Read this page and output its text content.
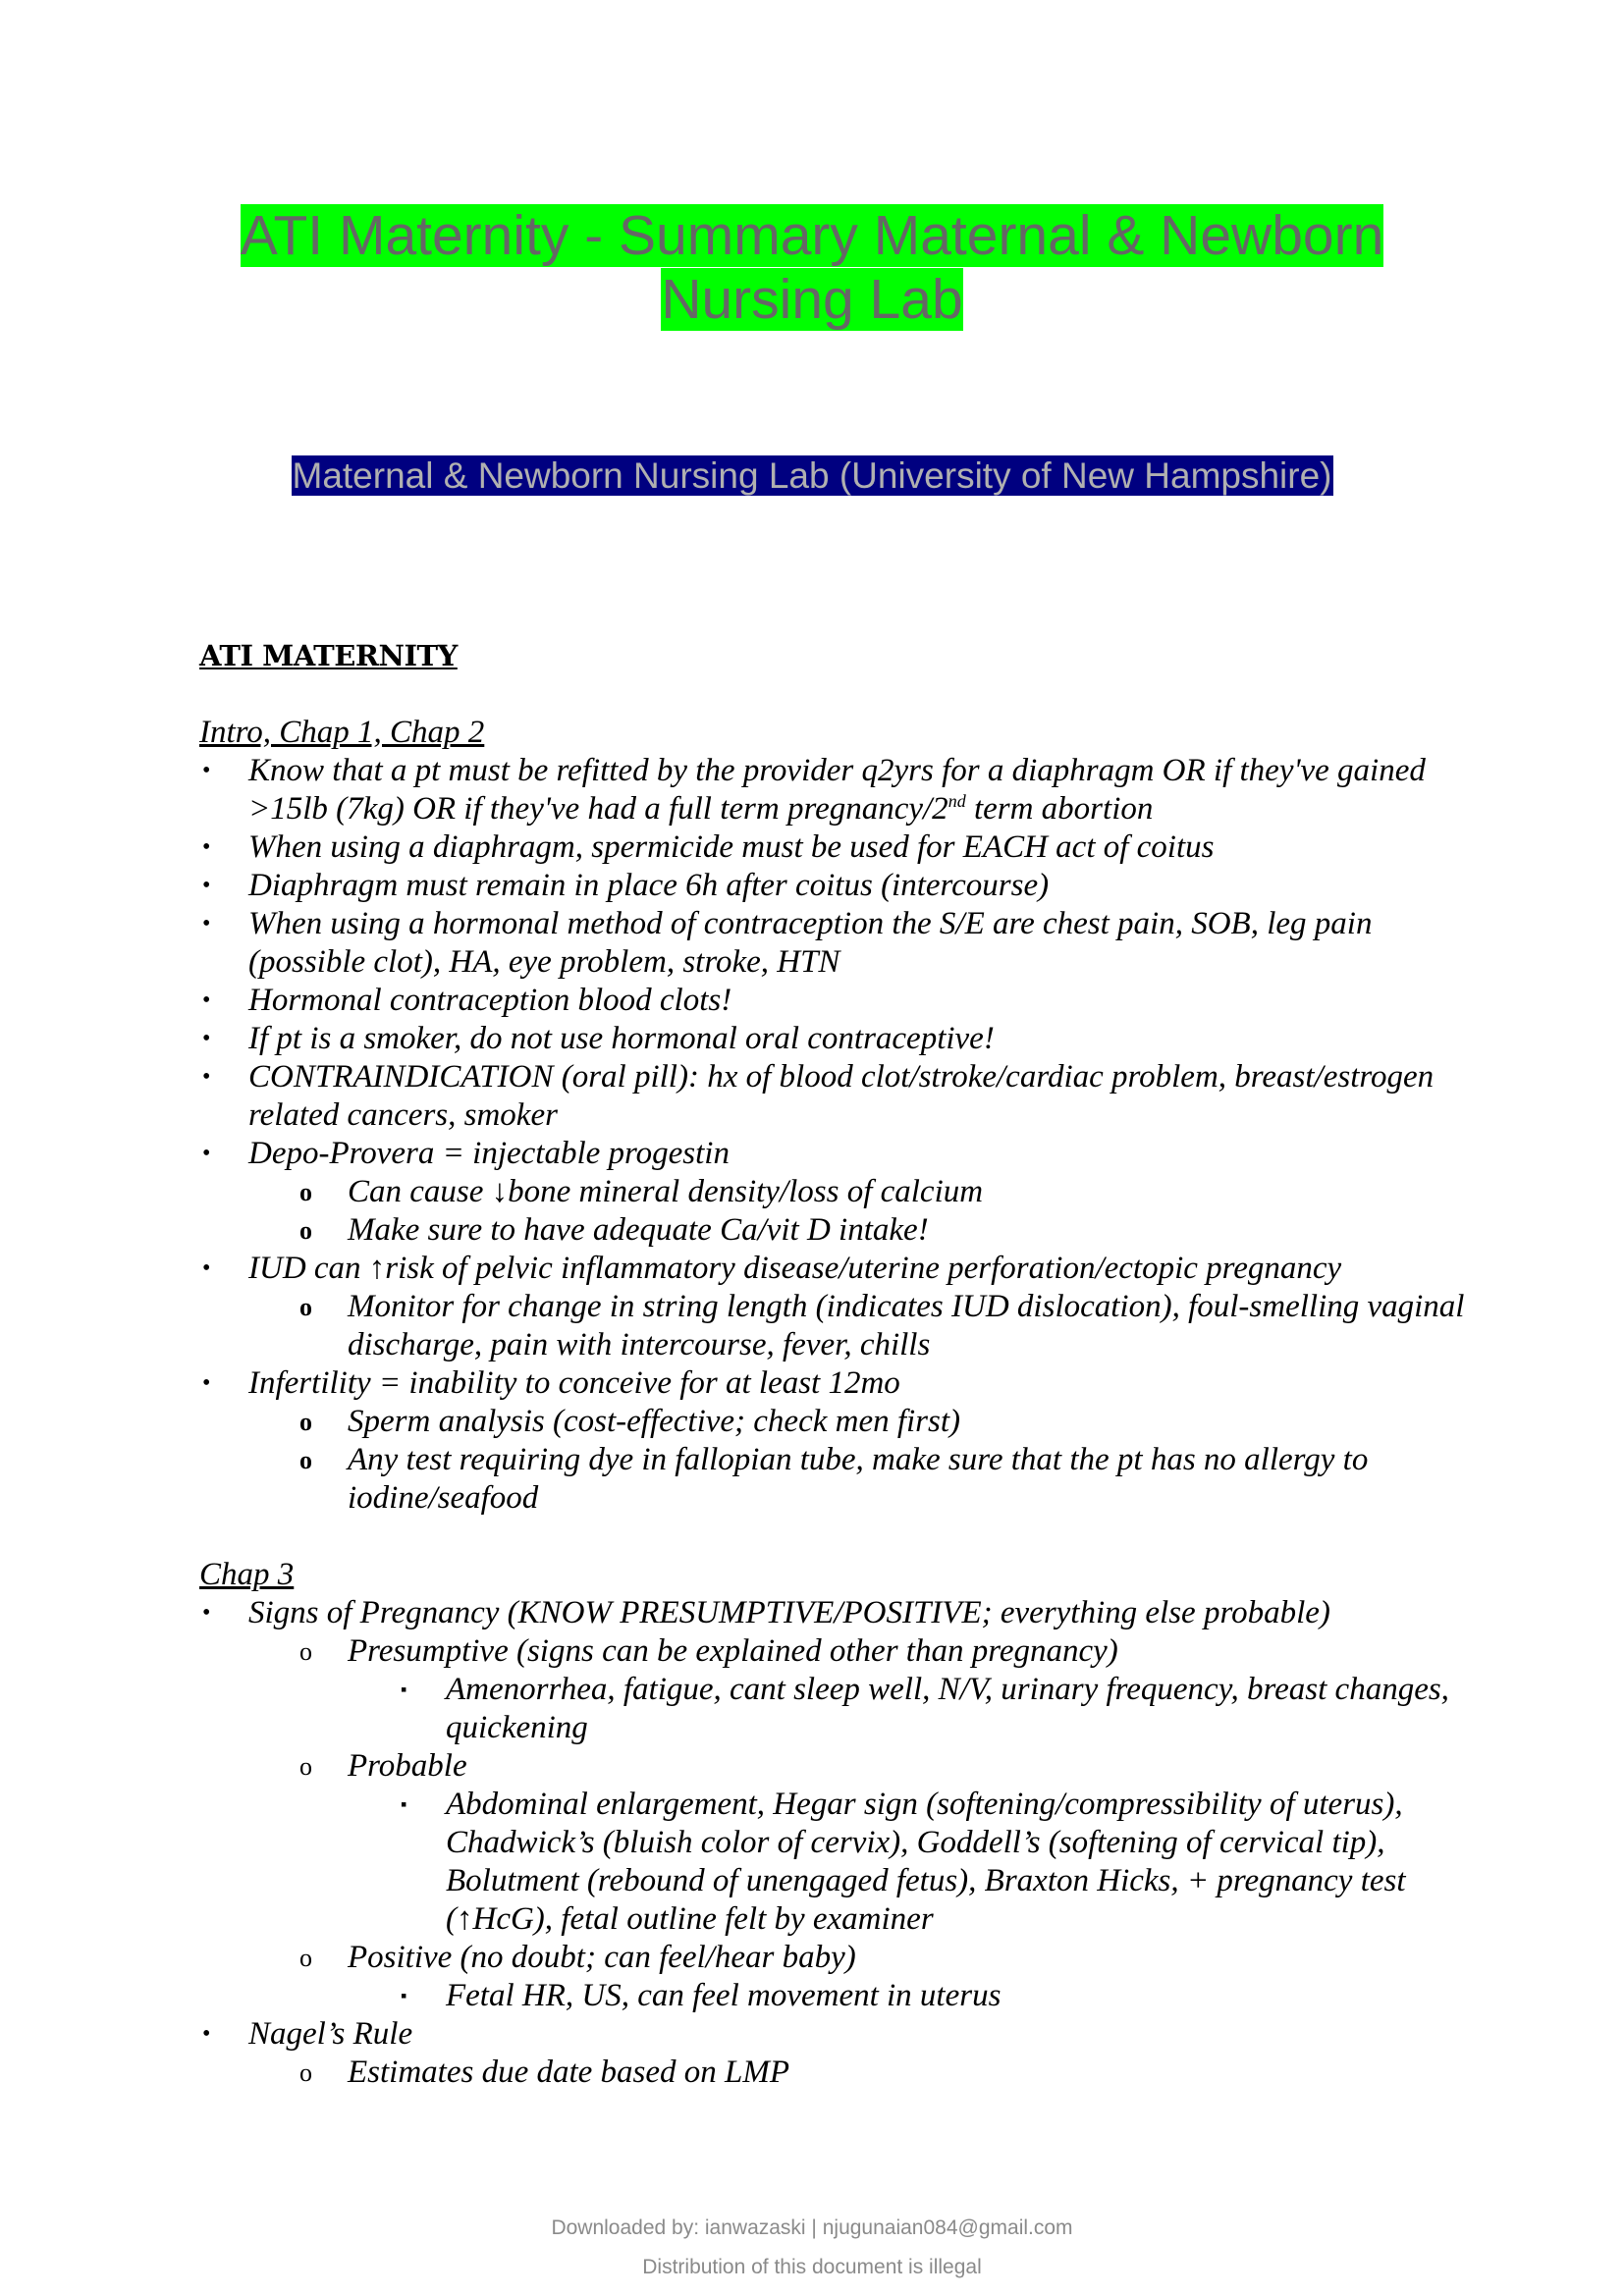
ATI Maternity - Summary Maternal & Newborn
Nursing Lab
Maternal & Newborn Nursing Lab (University of New Hampshire)
ATI MATERNITY
Intro, Chap 1, Chap 2
• Know that a pt must be refitted by the provider q2yrs for a diaphragm OR if they've gained >15lb (7kg) OR if they've had a full term pregnancy/2nd term abortion
• When using a diaphragm, spermicide must be used for EACH act of coitus
• Diaphragm must remain in place 6h after coitus (intercourse)
• When using a hormonal method of contraception the S/E are chest pain, SOB, leg pain (possible clot), HA, eye problem, stroke, HTN
• Hormonal contraception blood clots!
• If pt is a smoker, do not use hormonal oral contraceptive!
• CONTRAINDICATION (oral pill): hx of blood clot/stroke/cardiac problem, breast/estrogen related cancers, smoker
• Depo-Provera = injectable progestin
o Can cause ↓bone mineral density/loss of calcium
o Make sure to have adequate Ca/vit D intake!
• IUD can ↑risk of pelvic inflammatory disease/uterine perforation/ectopic pregnancy
o Monitor for change in string length (indicates IUD dislocation), foul-smelling vaginal discharge, pain with intercourse, fever, chills
• Infertility = inability to conceive for at least 12mo
o Sperm analysis (cost-effective; check men first)
o Any test requiring dye in fallopian tube, make sure that the pt has no allergy to iodine/seafood
Chap 3
• Signs of Pregnancy (KNOW PRESUMPTIVE/POSITIVE; everything else probable)
o Presumptive (signs can be explained other than pregnancy)
▪ Amenorrhea, fatigue, cant sleep well, N/V, urinary frequency, breast changes, quickening
o Probable
▪ Abdominal enlargement, Hegar sign (softening/compressibility of uterus), Chadwick’s (bluish color of cervix), Goddell’s (softening of cervical tip), Bolutment (rebound of unengaged fetus), Braxton Hicks, + pregnancy test (↑HcG), fetal outline felt by examiner
o Positive (no doubt; can feel/hear baby)
▪ Fetal HR, US, can feel movement in uterus
• Nagel’s Rule
o Estimates due date based on LMP
Downloaded by: ianwazaski | njugunaian084@gmail.com
Distribution of this document is illegal
